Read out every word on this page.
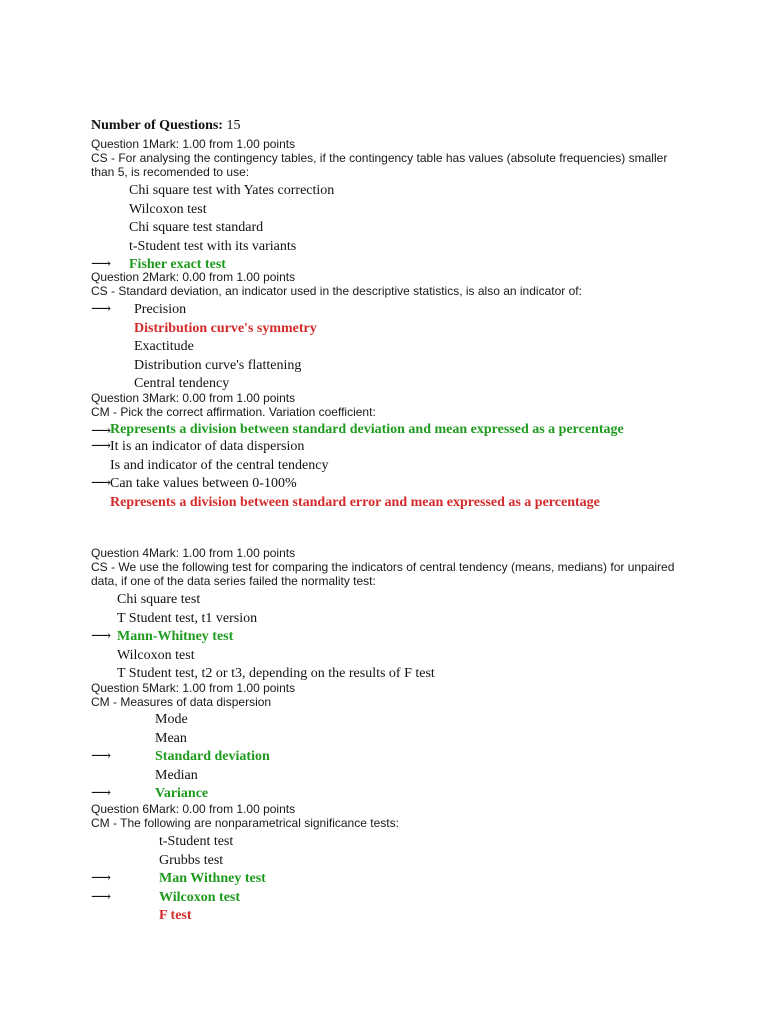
Number of Questions: 15
Question 1Mark: 1.00 from 1.00 points
CS - For analysing the contingency tables, if the contingency table has values (absolute frequencies) smaller than 5, is recomended to use:
Chi square test with Yates correction
Wilcoxon test
Chi square test standard
t-Student test with its variants
⟶ Fisher exact test
Question 2Mark: 0.00 from 1.00 points
CS - Standard deviation, an indicator used in the descriptive statistics, is also an indicator of:
⟶ Precision
Distribution curve's symmetry
Exactitude
Distribution curve's flattening
Central tendency
Question 3Mark: 0.00 from 1.00 points
CM - Pick the correct affirmation. Variation coefficient:
⟶
Represents a division between standard deviation and mean expressed as a percentage
⟶
It is an indicator of data dispersion
Is and indicator of the central tendency
⟶
Can take values between 0-100%
Represents a division between standard error and mean expressed as a percentage
Question 4Mark: 1.00 from 1.00 points
CS - We use the following test for comparing the indicators of central tendency (means, medians) for unpaired data, if one of the data series failed the normality test:
Chi square test
T Student test, t1 version
⟶ Mann-Whitney test
Wilcoxon test
T Student test, t2 or t3, depending on the results of F test
Question 5Mark: 1.00 from 1.00 points
CM - Measures of data dispersion
Mode
Mean
⟶	Standard deviation
Median
⟶	Variance
Question 6Mark: 0.00 from 1.00 points
CM - The following are nonparametrical significance tests:
t-Student test
Grubbs test
⟶	Man Withney test
⟶	Wilcoxon test
F test
